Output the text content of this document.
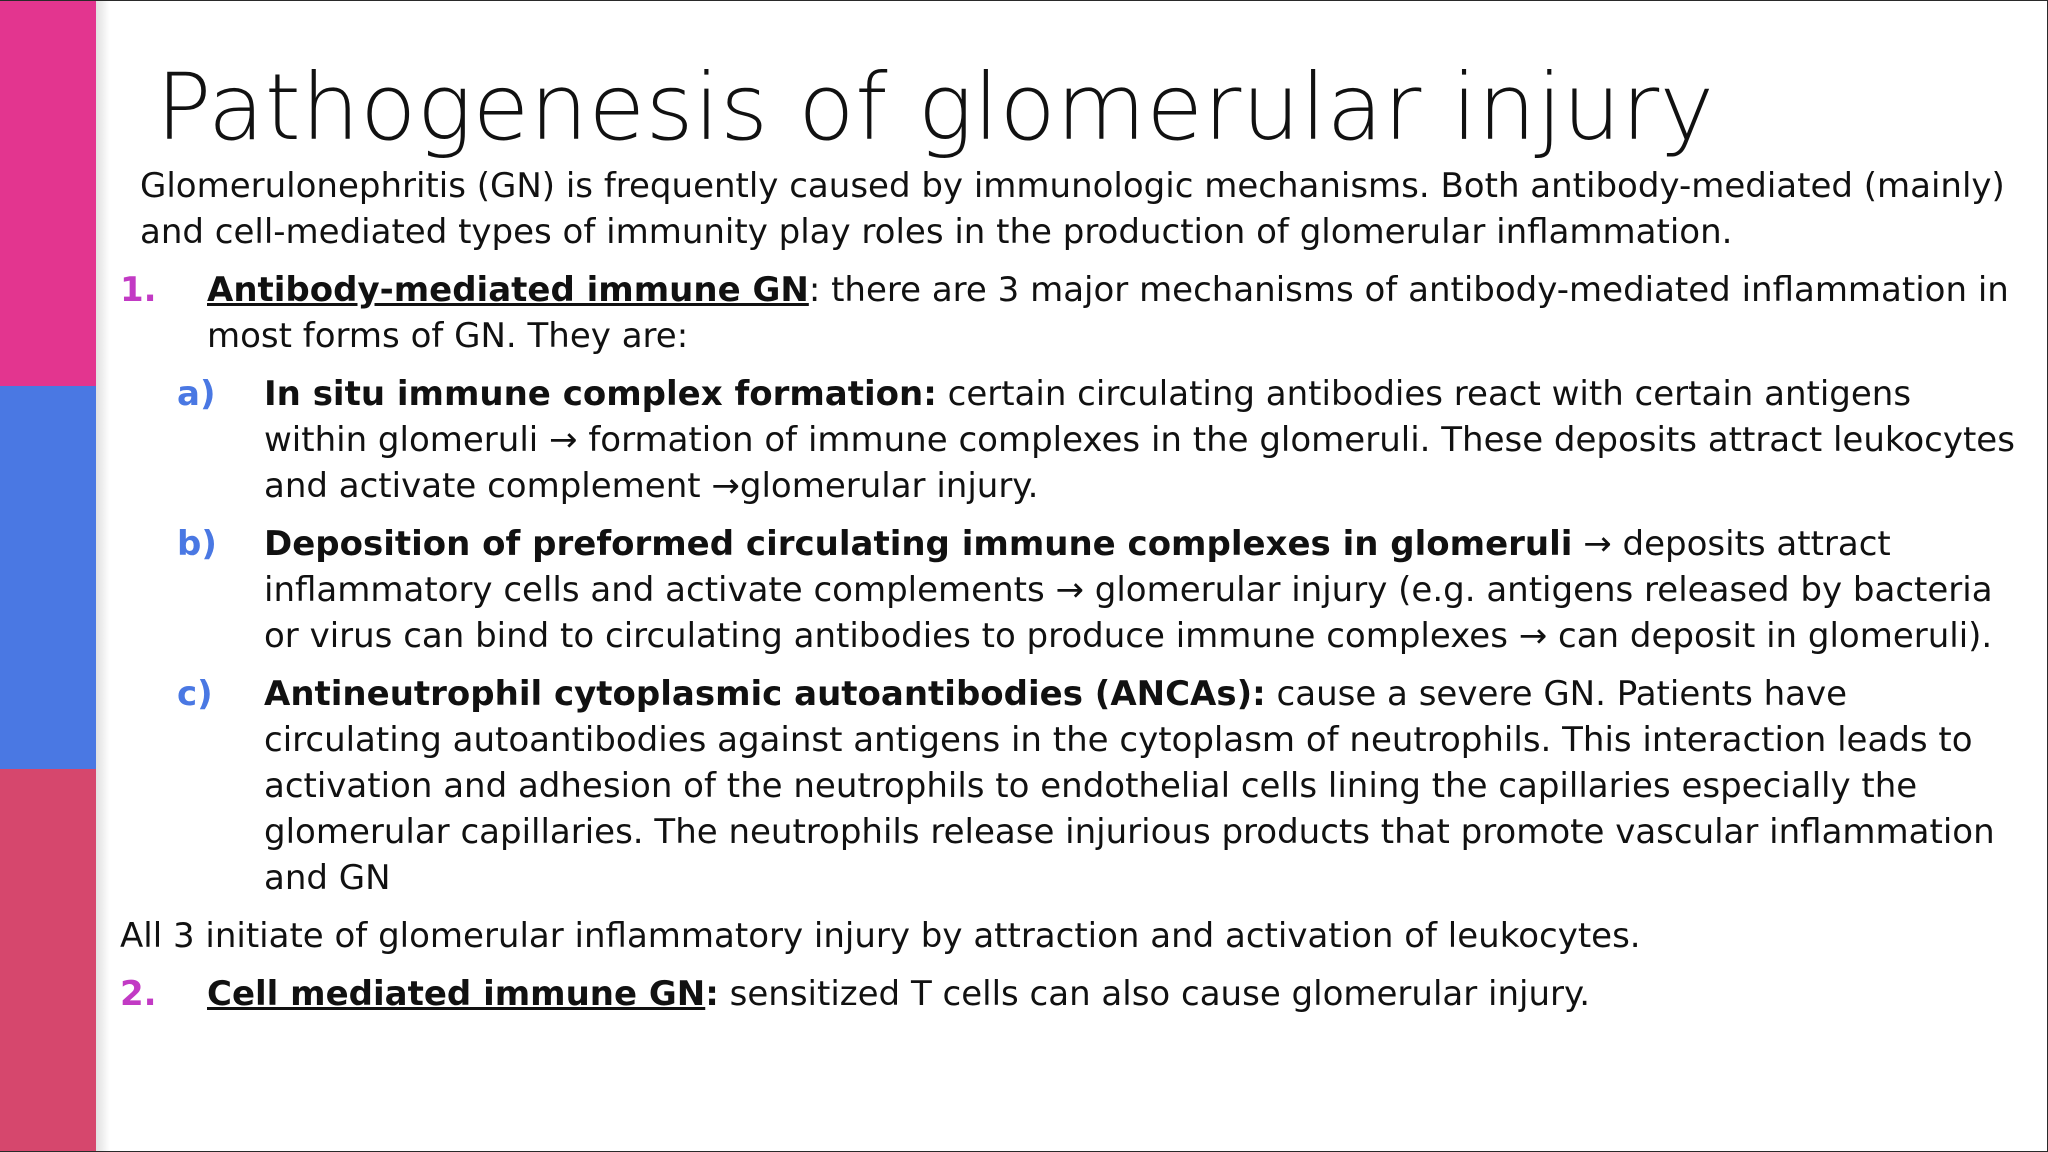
Pathogenesis of glomerular injury
Glomerulonephritis (GN) is frequently caused by immunologic mechanisms. Both antibody-mediated (mainly) and cell-mediated types of immunity play roles in the production of glomerular inflammation.
1. Antibody-mediated immune GN: there are 3 major mechanisms of antibody-mediated inflammation in most forms of GN. They are:
a) In situ immune complex formation: certain circulating antibodies react with certain antigens within glomeruli → formation of immune complexes in the glomeruli. These deposits attract leukocytes and activate complement →glomerular injury.
b) Deposition of preformed circulating immune complexes in glomeruli → deposits attract inflammatory cells and activate complements → glomerular injury (e.g. antigens released by bacteria or virus can bind to circulating antibodies to produce immune complexes → can deposit in glomeruli).
c) Antineutrophil cytoplasmic autoantibodies (ANCAs): cause a severe GN. Patients have circulating autoantibodies against antigens in the cytoplasm of neutrophils. This interaction leads to activation and adhesion of the neutrophils to endothelial cells lining the capillaries especially the glomerular capillaries. The neutrophils release injurious products that promote vascular inflammation and GN
All 3 initiate of glomerular inflammatory injury by attraction and activation of leukocytes.
2. Cell mediated immune GN: sensitized T cells can also cause glomerular injury.
